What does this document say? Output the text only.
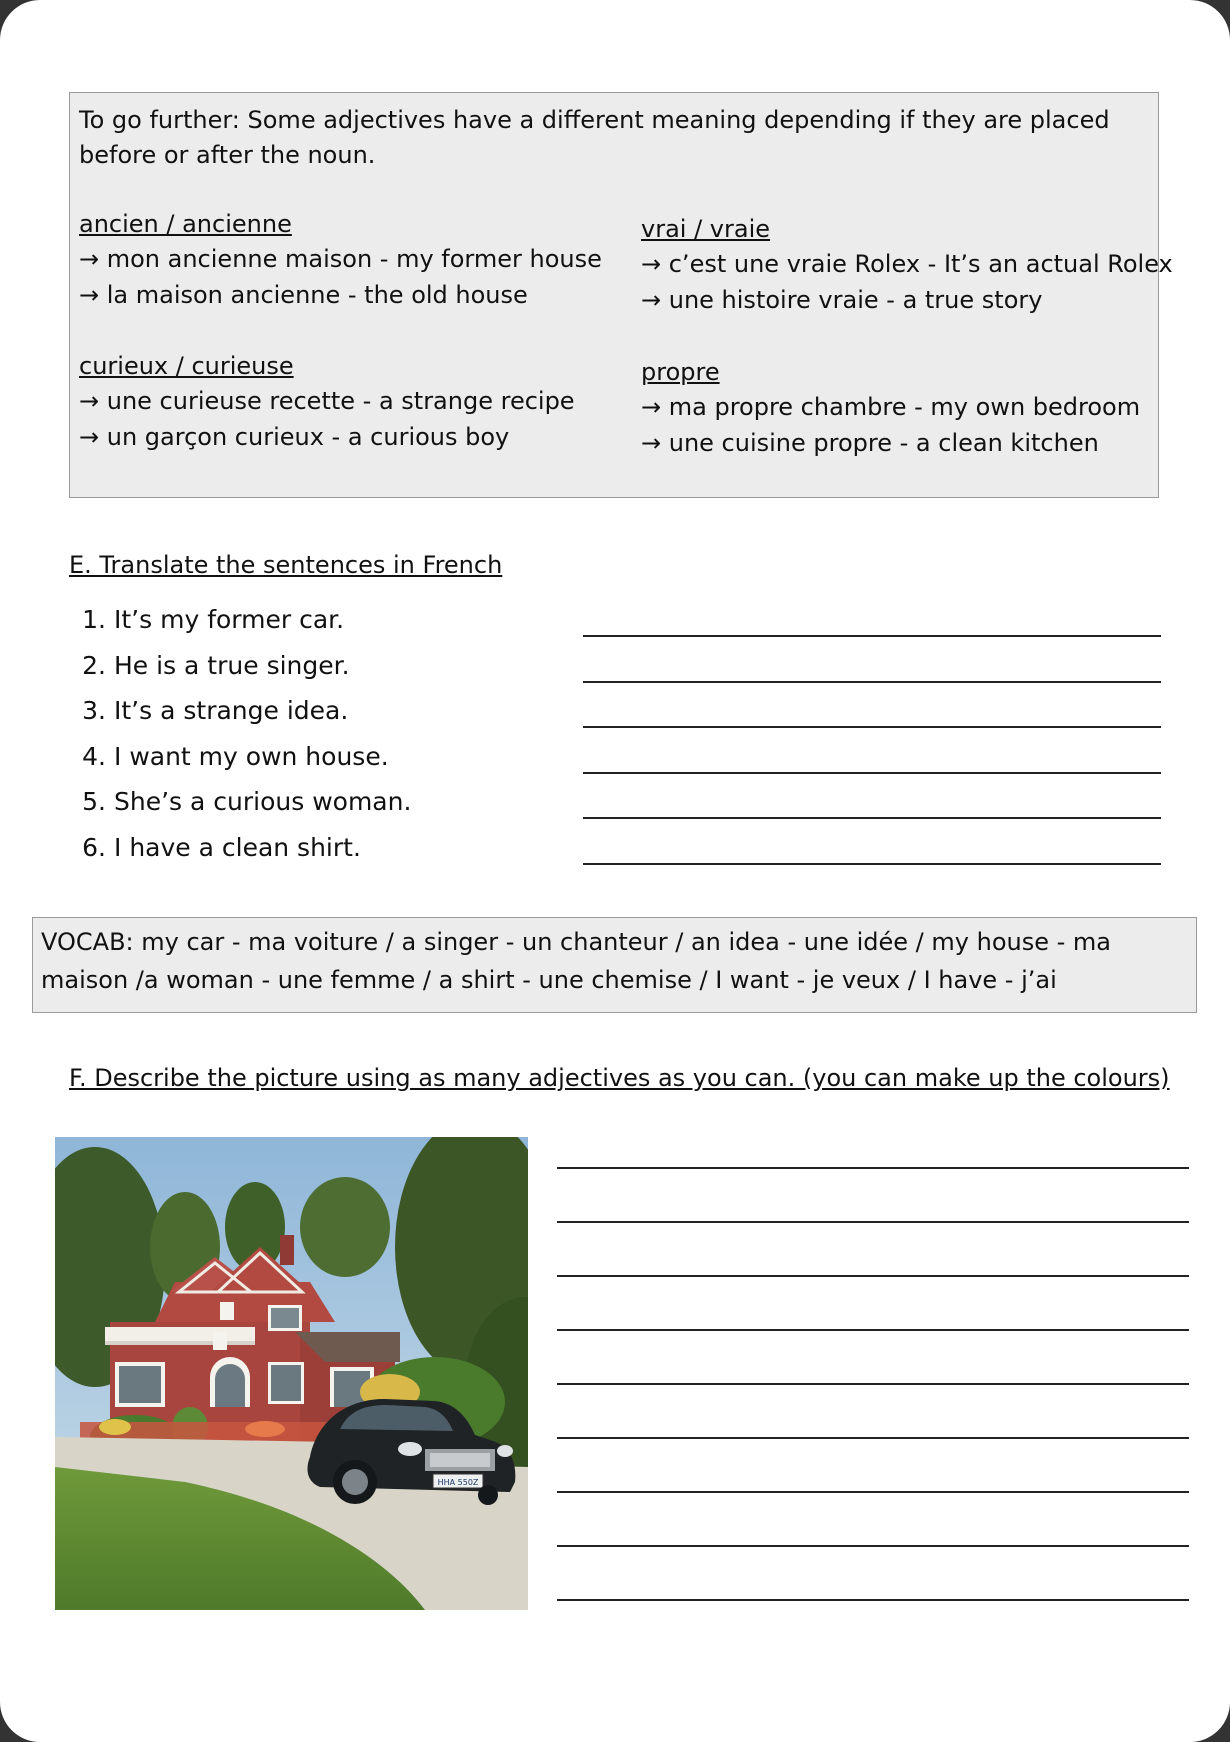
To go further: Some adjectives have a different meaning depending if they are placed before or after the noun.
ancien / ancienne
→ mon ancienne maison - my former house
→ la maison ancienne - the old house
curieux / curieuse
→ une curieuse recette - a strange recipe
→ un garçon curieux - a curious boy
vrai / vraie
→ c’est une vraie Rolex - It’s an actual Rolex
→ une histoire vraie - a true story
propre
→ ma propre chambre - my own bedroom
→ une cuisine propre - a clean kitchen
E. Translate the sentences in French
1. It’s my former car.
2. He is a true singer.
3. It’s a strange idea.
4. I want my own house.
5. She’s a curious woman.
6. I have a clean shirt.
VOCAB: my car - ma voiture / a singer - un chanteur / an idea - une idée / my house - ma maison /a woman - une femme / a shirt - une chemise / I want - je veux / I have - j’ai
F. Describe the picture using as many adjectives as you can. (you can make up the colours)
HHA 550Z
